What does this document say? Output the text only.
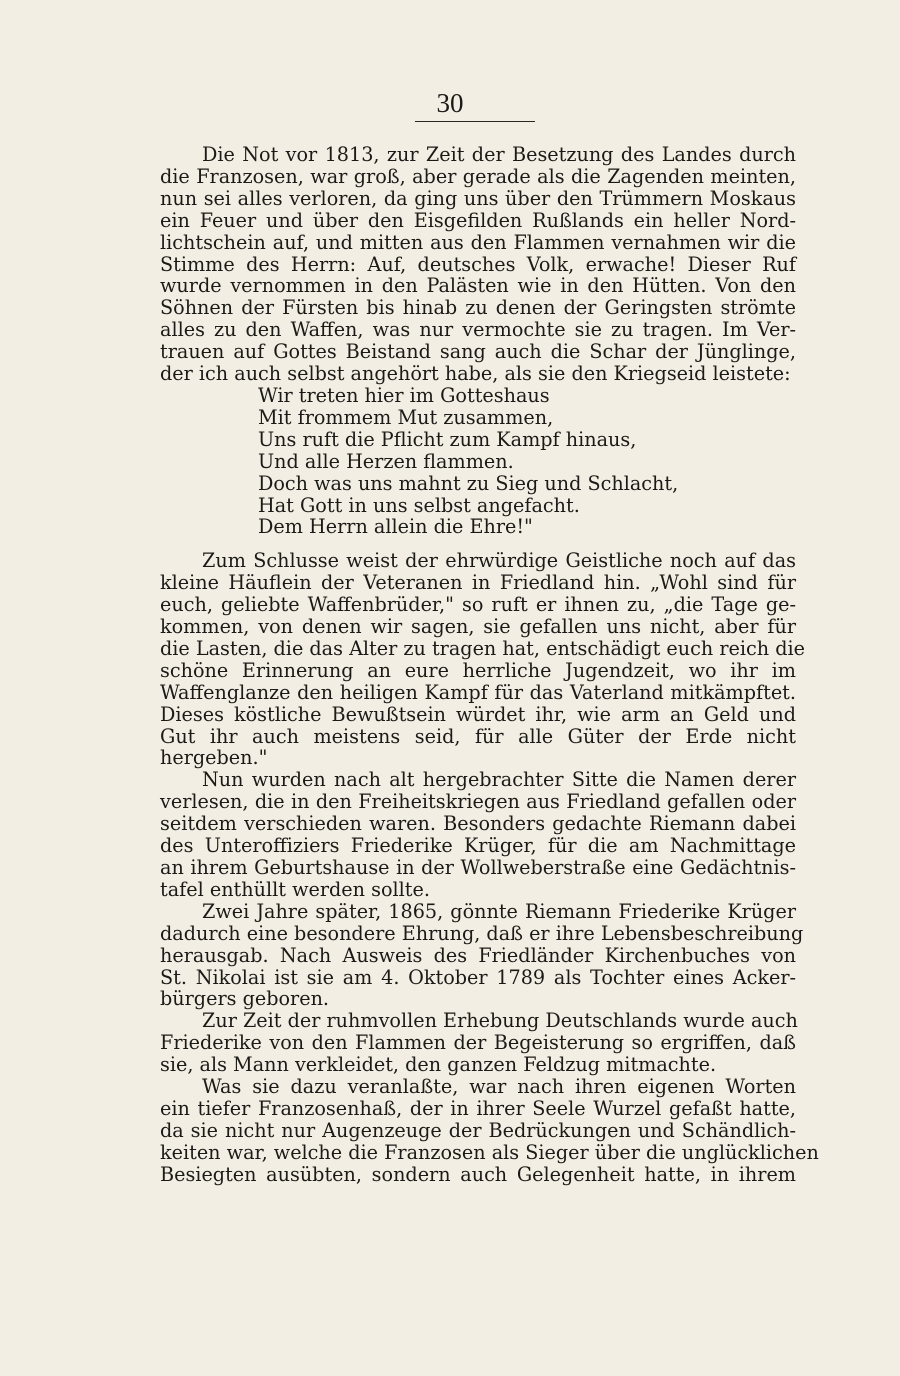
30
Die Not vor 1813, zur Zeit der Besetzung des Landes durch
die Franzosen, war groß, aber gerade als die Zagenden meinten,
nun sei alles verloren, da ging uns über den Trümmern Moskaus
ein Feuer und über den Eisgefilden Rußlands ein heller Nord-
lichtschein auf, und mitten aus den Flammen vernahmen wir die
Stimme des Herrn: Auf, deutsches Volk, erwache! Dieser Ruf
wurde vernommen in den Palästen wie in den Hütten. Von den
Söhnen der Fürsten bis hinab zu denen der Geringsten strömte
alles zu den Waffen, was nur vermochte sie zu tragen. Im Ver-
trauen auf Gottes Beistand sang auch die Schar der Jünglinge,
der ich auch selbst angehört habe, als sie den Kriegseid leistete:
Wir treten hier im Gotteshaus
Mit frommem Mut zusammen,
Uns ruft die Pflicht zum Kampf hinaus,
Und alle Herzen flammen.
Doch was uns mahnt zu Sieg und Schlacht,
Hat Gott in uns selbst angefacht.
Dem Herrn allein die Ehre!"
Zum Schlusse weist der ehrwürdige Geistliche noch auf das
kleine Häuflein der Veteranen in Friedland hin. „Wohl sind für
euch, geliebte Waffenbrüder," so ruft er ihnen zu, „die Tage ge-
kommen, von denen wir sagen, sie gefallen uns nicht, aber für
die Lasten, die das Alter zu tragen hat, entschädigt euch reich die
schöne Erinnerung an eure herrliche Jugendzeit, wo ihr im
Waffenglanze den heiligen Kampf für das Vaterland mitkämpftet.
Dieses köstliche Bewußtsein würdet ihr, wie arm an Geld und
Gut ihr auch meistens seid, für alle Güter der Erde nicht
hergeben."
Nun wurden nach alt hergebrachter Sitte die Namen derer
verlesen, die in den Freiheitskriegen aus Friedland gefallen oder
seitdem verschieden waren. Besonders gedachte Riemann dabei
des Unteroffiziers Friederike Krüger, für die am Nachmittage
an ihrem Geburtshause in der Wollweberstraße eine Gedächtnis-
tafel enthüllt werden sollte.
Zwei Jahre später, 1865, gönnte Riemann Friederike Krüger
dadurch eine besondere Ehrung, daß er ihre Lebensbeschreibung
herausgab. Nach Ausweis des Friedländer Kirchenbuches von
St. Nikolai ist sie am 4. Oktober 1789 als Tochter eines Acker-
bürgers geboren.
Zur Zeit der ruhmvollen Erhebung Deutschlands wurde auch
Friederike von den Flammen der Begeisterung so ergriffen, daß
sie, als Mann verkleidet, den ganzen Feldzug mitmachte.
Was sie dazu veranlaßte, war nach ihren eigenen Worten
ein tiefer Franzosenhaß, der in ihrer Seele Wurzel gefaßt hatte,
da sie nicht nur Augenzeuge der Bedrückungen und Schändlich-
keiten war, welche die Franzosen als Sieger über die unglücklichen
Besiegten ausübten, sondern auch Gelegenheit hatte, in ihrem
